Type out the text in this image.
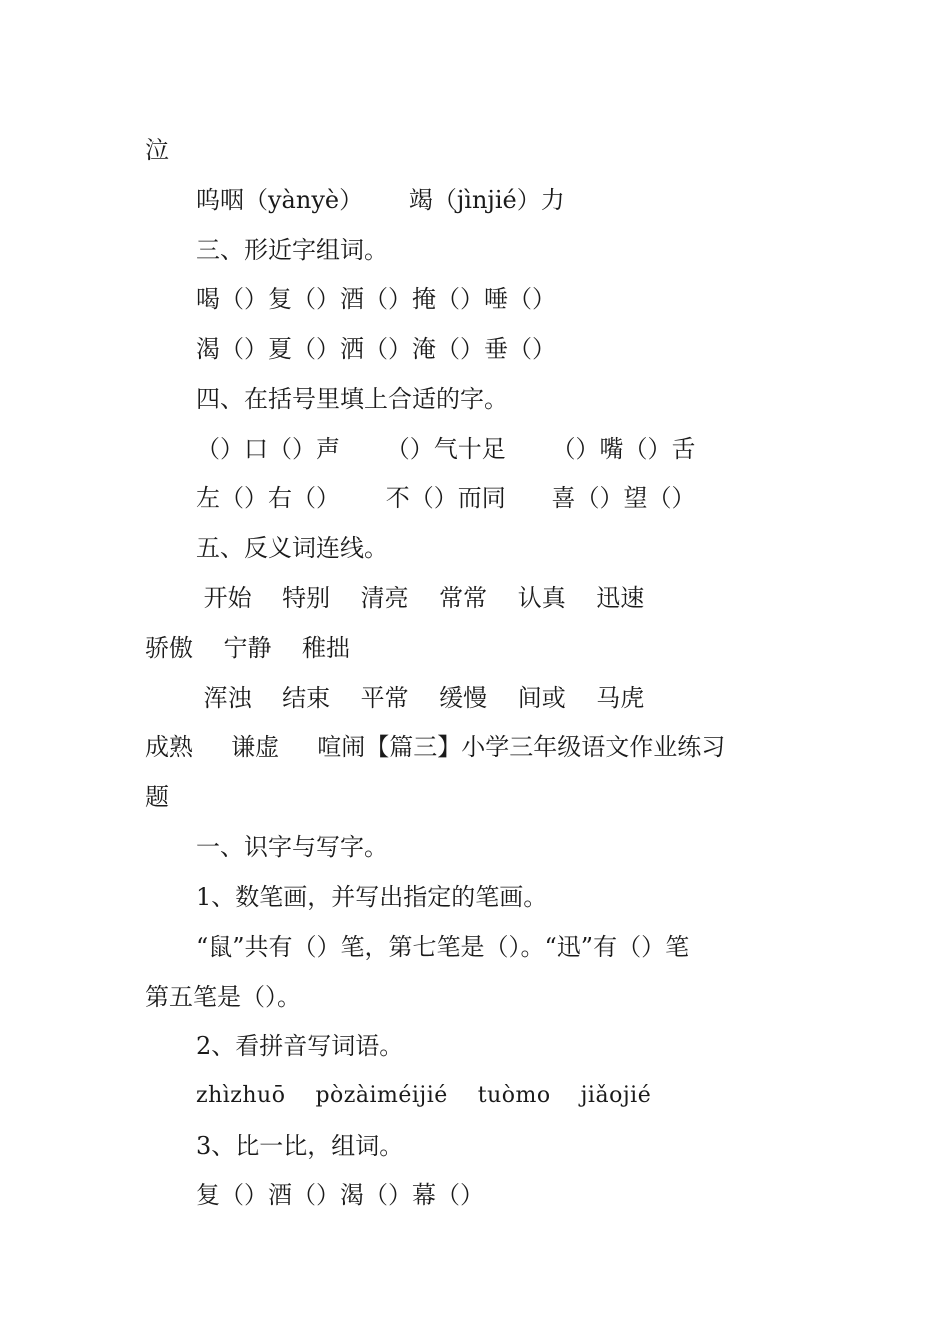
泣
呜咽（yànyè）      竭（jìnjié）力
三、形近字组词。
喝（）复（）酒（）掩（）唾（）
渴（）夏（）洒（）淹（）垂（）
四、在括号里填上合适的字。
（）口（）声      （）气十足      （）嘴（）舌
左（）右（）      不（）而同      喜（）望（）
五、反义词连线。
开始    特别    清亮    常常    认真    迅速
骄傲    宁静    稚拙
浑浊    结束    平常    缓慢    间或    马虎
成熟     谦虚     喧闹【篇三】小学三年级语文作业练习
题
一、识字与写字。
1、数笔画，并写出指定的笔画。
“鼠”共有（）笔，第七笔是（）。“迅”有（）笔
第五笔是（）。
2、看拼音写词语。
zhìzhuō    pòzàiméijié    tuòmo    jiǎojié
3、比一比，组词。
复（）酒（）渴（）幕（）
